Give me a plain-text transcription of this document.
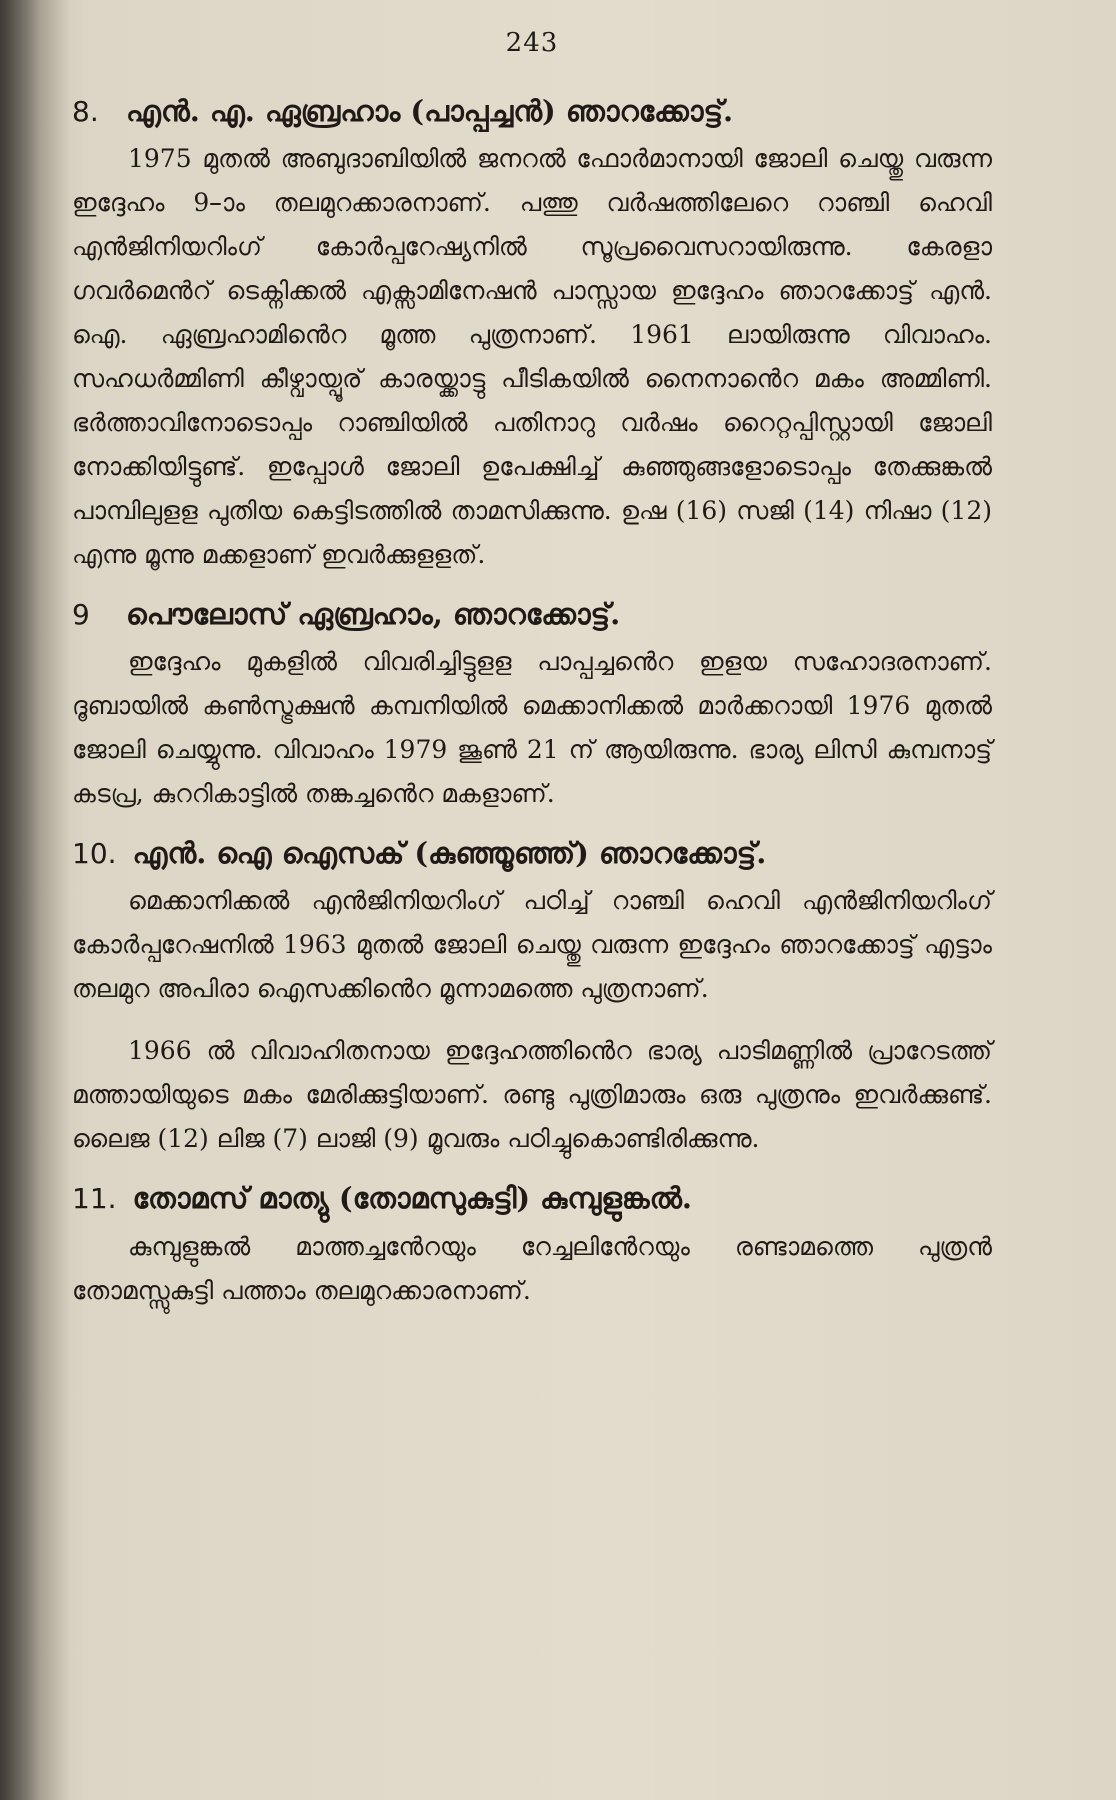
243
8. എൻ. എ. ഏബ്രഹാം (പാപ്പച്ചൻ) ഞാറക്കോട്ട്.

1975 മുതൽ അബുദാബിയിൽ ജനറൽ ഫോർമാനായി ജോലി ചെയ്തു വരുന്ന ഇദ്ദേഹം 9–ാം തലമുറക്കാരനാണ്. പത്തു വർഷത്തിലേറെ റാഞ്ചി ഹെവി എൻജിനിയറിംഗ് കോർപ്പറേഷ്യനിൽ സൂപ്രവൈസറായിരുന്നു. കേരളാ ഗവർമെൻറ് ടെക്നിക്കൽ എക്സാമിനേഷൻ പാസ്സായ ഇദ്ദേഹം ഞാറക്കോട്ട് എൻ. ഐ. ഏബ്രഹാമിൻെറ മൂത്ത പുത്രനാണ്. 1961 ലായിരുന്നു വിവാഹം. സഹധർമ്മിണി കീഴ്വായ്പൂര് കാരയ്ക്കാട്ടു പീടികയിൽ നൈനാൻെറ മകം അമ്മിണി. ഭർത്താവിനോടൊപ്പം റാഞ്ചിയിൽ പതിനാറു വർഷം റൈറ്റപ്പിസ്റ്റായി ജോലി നോക്കിയിട്ടുണ്ട്. ഇപ്പോൾ ജോലി ഉപേക്ഷിച്ച് കുഞ്ഞുങ്ങളോടൊപ്പം തേക്കുങ്കൽ പാമ്പിലുളള പുതിയ കെട്ടിടത്തിൽ താമസിക്കുന്നു. ഉഷ (16) സജി (14) നിഷാ (12) എന്നു മൂന്നു മക്കളാണ് ഇവർക്കുളളത്.

9	പൌലോസ് ഏബ്രഹാം, ഞാറക്കോട്ട്.

ഇദ്ദേഹം മുകളിൽ വിവരിച്ചിട്ടുളള പാപ്പച്ചൻെറ ഇളയ സഹോദരനാണ്. ദൂബായിൽ കൺസ്ട്രക്ഷൻ കമ്പനിയിൽ മെക്കാനിക്കൽ മാർക്കറായി 1976 മുതൽ ജോലി ചെയ്യുന്നു. വിവാഹം 1979 ജൂൺ 21 ന് ആയിരുന്നു. ഭാര്യ ലിസി കുമ്പനാട്ട് കടപ്ര, കുററികാട്ടിൽ തങ്കച്ചൻെറ മകളാണ്.

10. എൻ. ഐ ഐസക് (കുഞ്ഞൂഞ്ഞ്) ഞാറക്കോട്ട്.

മെക്കാനിക്കൽ എൻജിനിയറിംഗ് പഠിച്ച് റാഞ്ചി ഹെവി എൻജിനിയറിംഗ് കോർപ്പറേഷനിൽ 1963 മുതൽ ജോലി ചെയ്തു വരുന്ന ഇദ്ദേഹം ഞാറക്കോട്ട് എട്ടാം തലമുറ അപിരാ ഐസക്കിൻെറ മൂന്നാമത്തെ പുത്രനാണ്.

1966 ൽ വിവാഹിതനായ ഇദ്ദേഹത്തിൻെറ ഭാര്യ പാടിമണ്ണിൽ പ്രാറേടത്ത് മത്തായിയുടെ മകം മേരിക്കുട്ടിയാണ്. രണ്ടു പുത്രിമാരും ഒരു പുത്രനും ഇവർക്കുണ്ട്. ലൈജ (12) ലിജ (7) ലാജി (9) മൂവരും പഠിച്ചുകൊണ്ടിരിക്കുന്നു.

11. തോമസ് മാത്യു (തോമസുകുട്ടി) കുമ്പുളുങ്കൽ.

കുമ്പുളുങ്കൽ മാത്തച്ചൻേറയും റേച്ചലിൻേറയും രണ്ടാമത്തെ പുത്രൻ തോമസ്സുകുട്ടി പത്താം തലമുറക്കാരനാണ്.
